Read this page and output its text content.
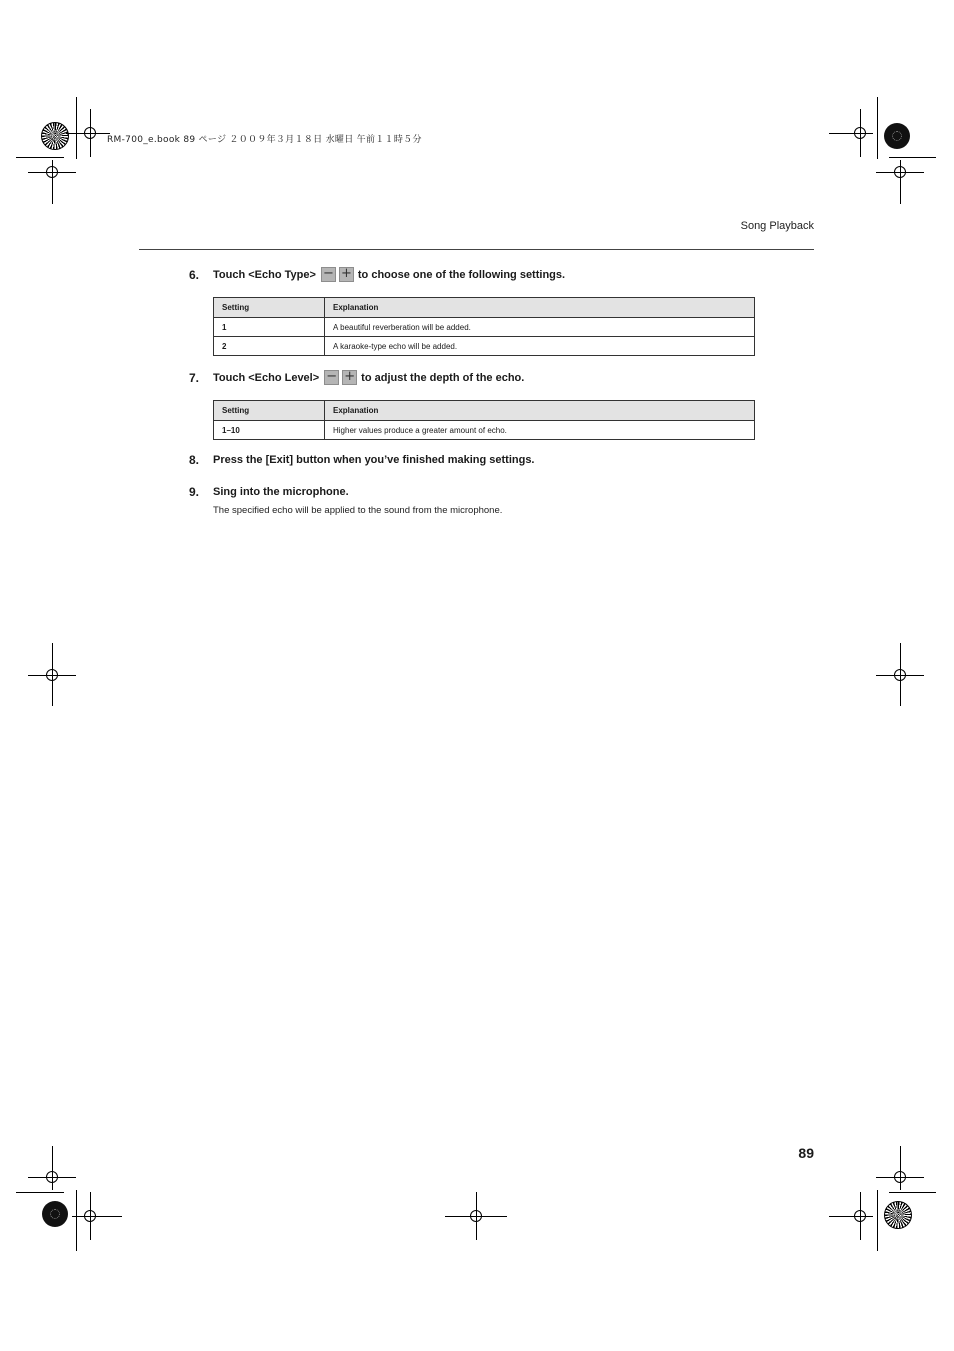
RM-700_e.book 89 ページ ２００９年３月１８日 水曜日 午前１１時５分
Song Playback
6.	Touch <Echo Type> − + to choose one of the following settings.
Setting	Explanation
1	A beautiful reverberation will be added.
2	A karaoke-type echo will be added.
7.	Touch <Echo Level> − + to adjust the depth of the echo.
Setting	Explanation
1–10	Higher values produce a greater amount of echo.
8.	Press the [Exit] button when you’ve finished making settings.
9.	Sing into the microphone.
The specified echo will be applied to the sound from the microphone.
89
